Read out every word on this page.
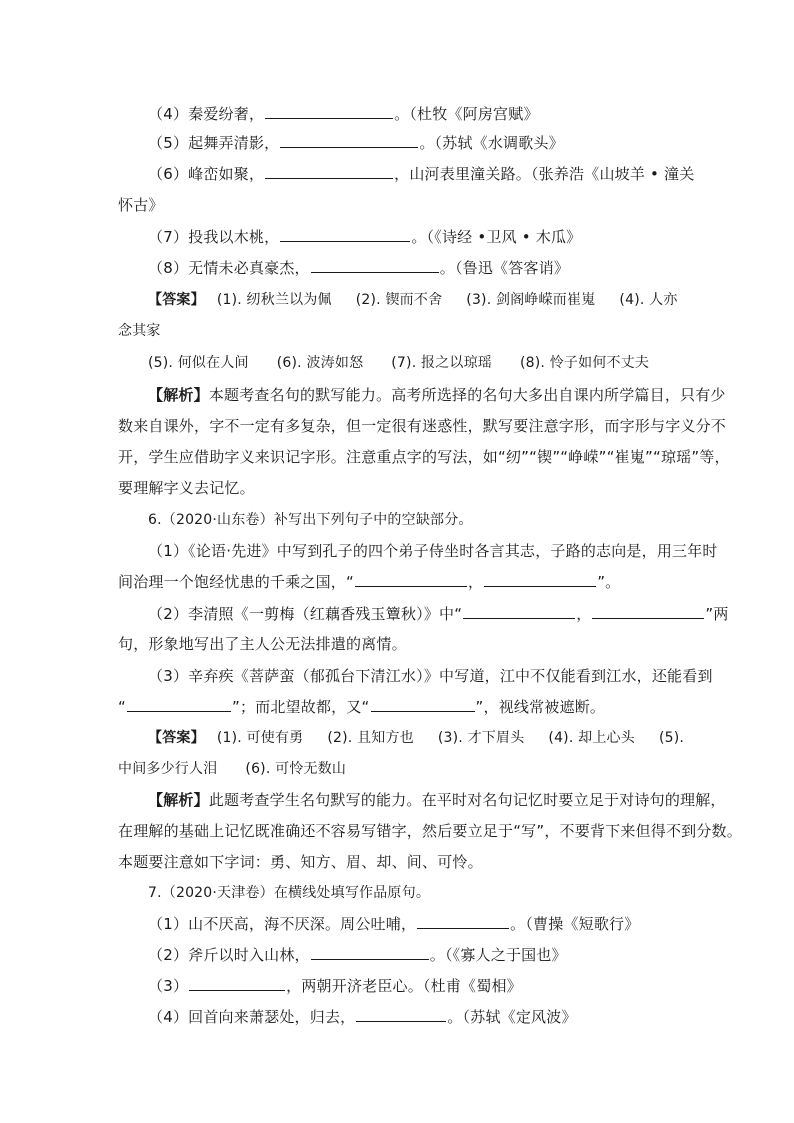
（4）秦爱纷奢，	。（杜牧《阿房宫赋》
（5）起舞弄清影，	。（苏轼《水调歌头》
（6）峰峦如聚，	，山河表里潼关路。（张养浩《山坡羊 • 潼关
怀古》
（7）投我以木桃，	。（《诗经 •卫风 • 木瓜》
（8）无情未必真豪杰，	。（鲁迅《答客诮》
【答案】 (1). 纫秋兰以为佩 (2). 锲而不舍 (3). 剑阁峥嵘而崔嵬 (4). 人亦
念其家
(5). 何似在人间 (6). 波涛如怒 (7). 报之以琼瑶 (8). 怜子如何不丈夫
【解析】本题考查名句的默写能力。高考所选择的名句大多出自课内所学篇目，只有少
数来自课外，字不一定有多复杂，但一定很有迷惑性，默写要注意字形，而字形与字义分不
开，学生应借助字义来识记字形。注意重点字的写法，如“纫”“锲”“峥嵘”“崔嵬”“琼瑶”等，
要理解字义去记忆。
6.（2020·山东卷）补写出下列句子中的空缺部分。
（1）《论语·先进》中写到孔子的四个弟子侍坐时各言其志，子路的志向是，用三年时
间治理一个饱经忧患的千乘之国，“	，	”。
（2）李清照《一剪梅（红藕香残玉簟秋）》中“	，	”两
句，形象地写出了主人公无法排遣的离情。
（3）辛弃疾《菩萨蛮（郁孤台下清江水）》中写道，江中不仅能看到江水，还能看到
“	”；而北望故都，又“	”，视线常被遮断。
【答案】 (1). 可使有勇 (2). 且知方也 (3). 才下眉头 (4). 却上心头 (5).
中间多少行人泪 (6). 可怜无数山
【解析】此题考查学生名句默写的能力。在平时对名句记忆时要立足于对诗句的理解，
在理解的基础上记忆既准确还不容易写错字，然后要立足于“写”，不要背下来但得不到分数。
本题要注意如下字词：勇、知方、眉、却、间、可怜。
7.（2020·天津卷）在横线处填写作品原句。
（1）山不厌高，海不厌深。周公吐哺，	。（曹操《短歌行》
（2）斧斤以时入山林，	。（《寡人之于国也》
（3）	，两朝开济老臣心。（杜甫《蜀相》
（4）回首向来萧瑟处，归去，	。（苏轼《定风波》
